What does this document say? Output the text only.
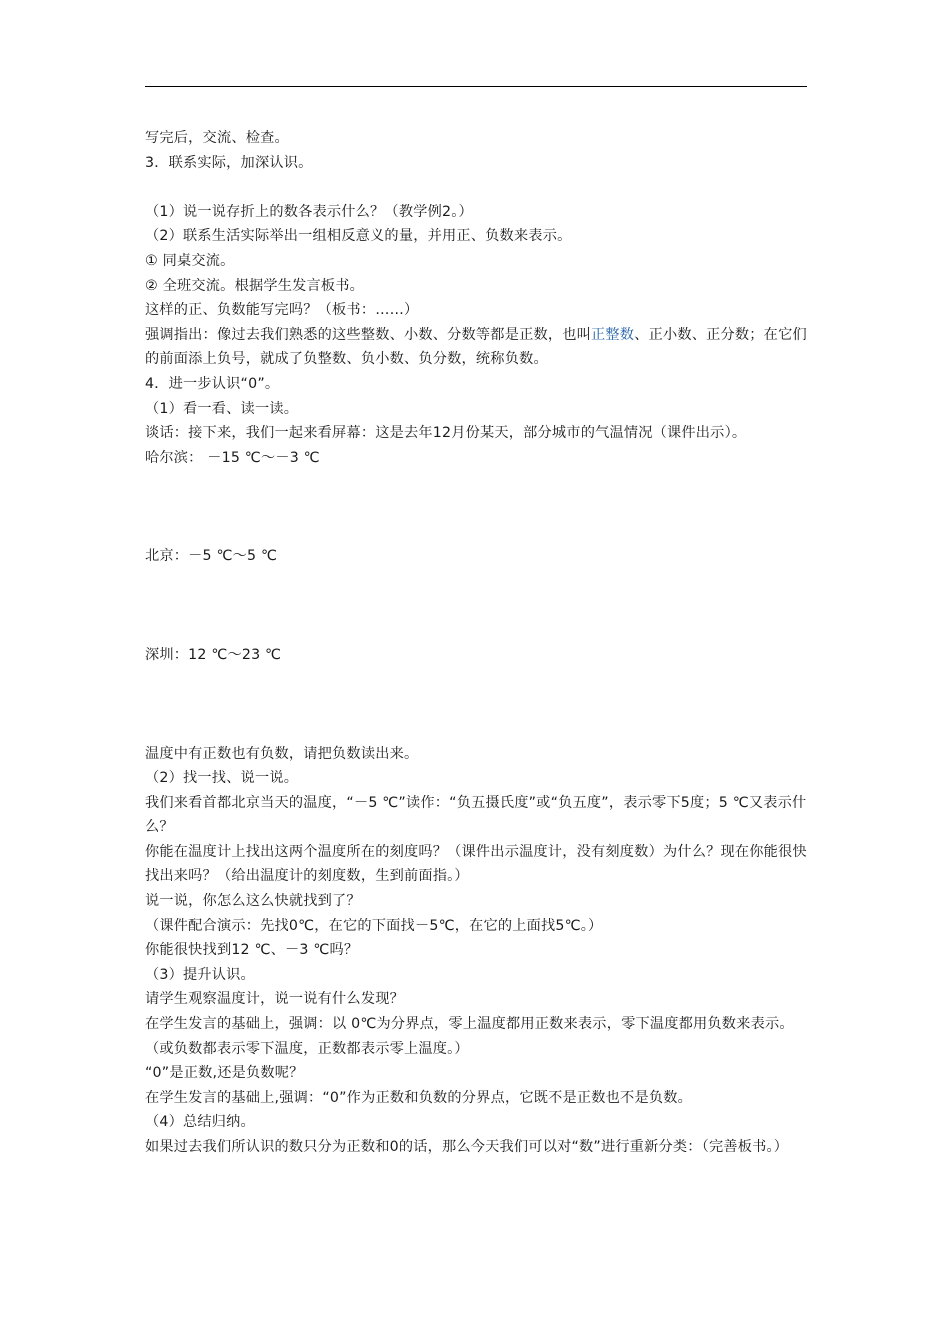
写完后，交流、检查。

3．联系实际，加深认识。

（1）说一说存折上的数各表示什么？（教学例2。）

（2）联系生活实际举出一组相反意义的量，并用正、负数来表示。

① 同桌交流。

② 全班交流。根据学生发言板书。

这样的正、负数能写完吗？（板书：……）

强调指出：像过去我们熟悉的这些整数、小数、分数等都是正数，也叫正整数、正小数、正分数；在它们的前面添上负号，就成了负整数、负小数、负分数，统称负数。

4．进一步认识“0”。

（1）看一看、读一读。

谈话：接下来，我们一起来看屏幕：这是去年12月份某天，部分城市的气温情况（课件出示）。

哈尔滨： －15 ℃～－3 ℃

北京：－5 ℃～5 ℃

深圳：12 ℃～23 ℃

温度中有正数也有负数，请把负数读出来。

（2）找一找、说一说。

我们来看首都北京当天的温度，“－5 ℃”读作：“负五摄氏度”或“负五度”，表示零下5度；5 ℃又表示什么？

你能在温度计上找出这两个温度所在的刻度吗？（课件出示温度计，没有刻度数）为什么？现在你能很快找出来吗？（给出温度计的刻度数，生到前面指。）

说一说，你怎么这么快就找到了？

（课件配合演示：先找0℃，在它的下面找－5℃，在它的上面找5℃。）

你能很快找到12 ℃、－3 ℃吗？

（3）提升认识。

请学生观察温度计，说一说有什么发现？

在学生发言的基础上，强调：以 0℃为分界点，零上温度都用正数来表示，零下温度都用负数来表示。（或负数都表示零下温度，正数都表示零上温度。）

“0”是正数,还是负数呢？

在学生发言的基础上,强调：“0”作为正数和负数的分界点，它既不是正数也不是负数。

（4）总结归纳。

如果过去我们所认识的数只分为正数和0的话，那么今天我们可以对“数”进行重新分类：（完善板书。）
